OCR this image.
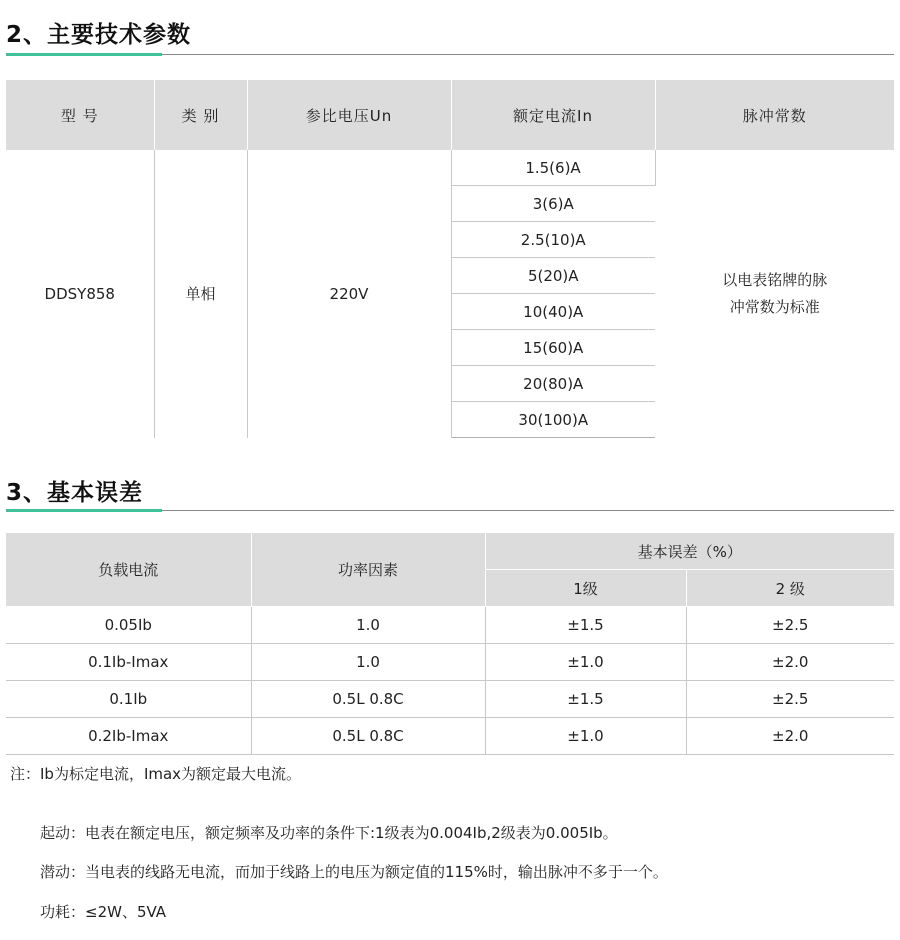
2、主要技术参数
型 号	类 别	参比电压Un	额定电流In	脉冲常数
DDSY858	单相	220V	1.5(6)A	以电表铭牌的脉
冲常数为标准
			3(6)A	
			2.5(10)A	
			5(20)A	
			10(40)A	
			15(60)A	
			20(80)A	
			30(100)A	
3、基本误差
负载电流	功率因素	基本误差（%）	
		1级	2 级
0.05Ib	1.0	±1.5	±2.5
0.1Ib-Imax	1.0	±1.0	±2.0
0.1Ib	0.5L 0.8C	±1.5	±2.5
0.2Ib-Imax	0.5L 0.8C	±1.0	±2.0
注：Ib为标定电流，Imax为额定最大电流。
起动：电表在额定电压，额定频率及功率的条件下:1级表为0.004Ib,2级表为0.005Ib。
潜动：当电表的线路无电流，而加于线路上的电压为额定值的115%时，输出脉冲不多于一个。
功耗：≤2W、5VA
